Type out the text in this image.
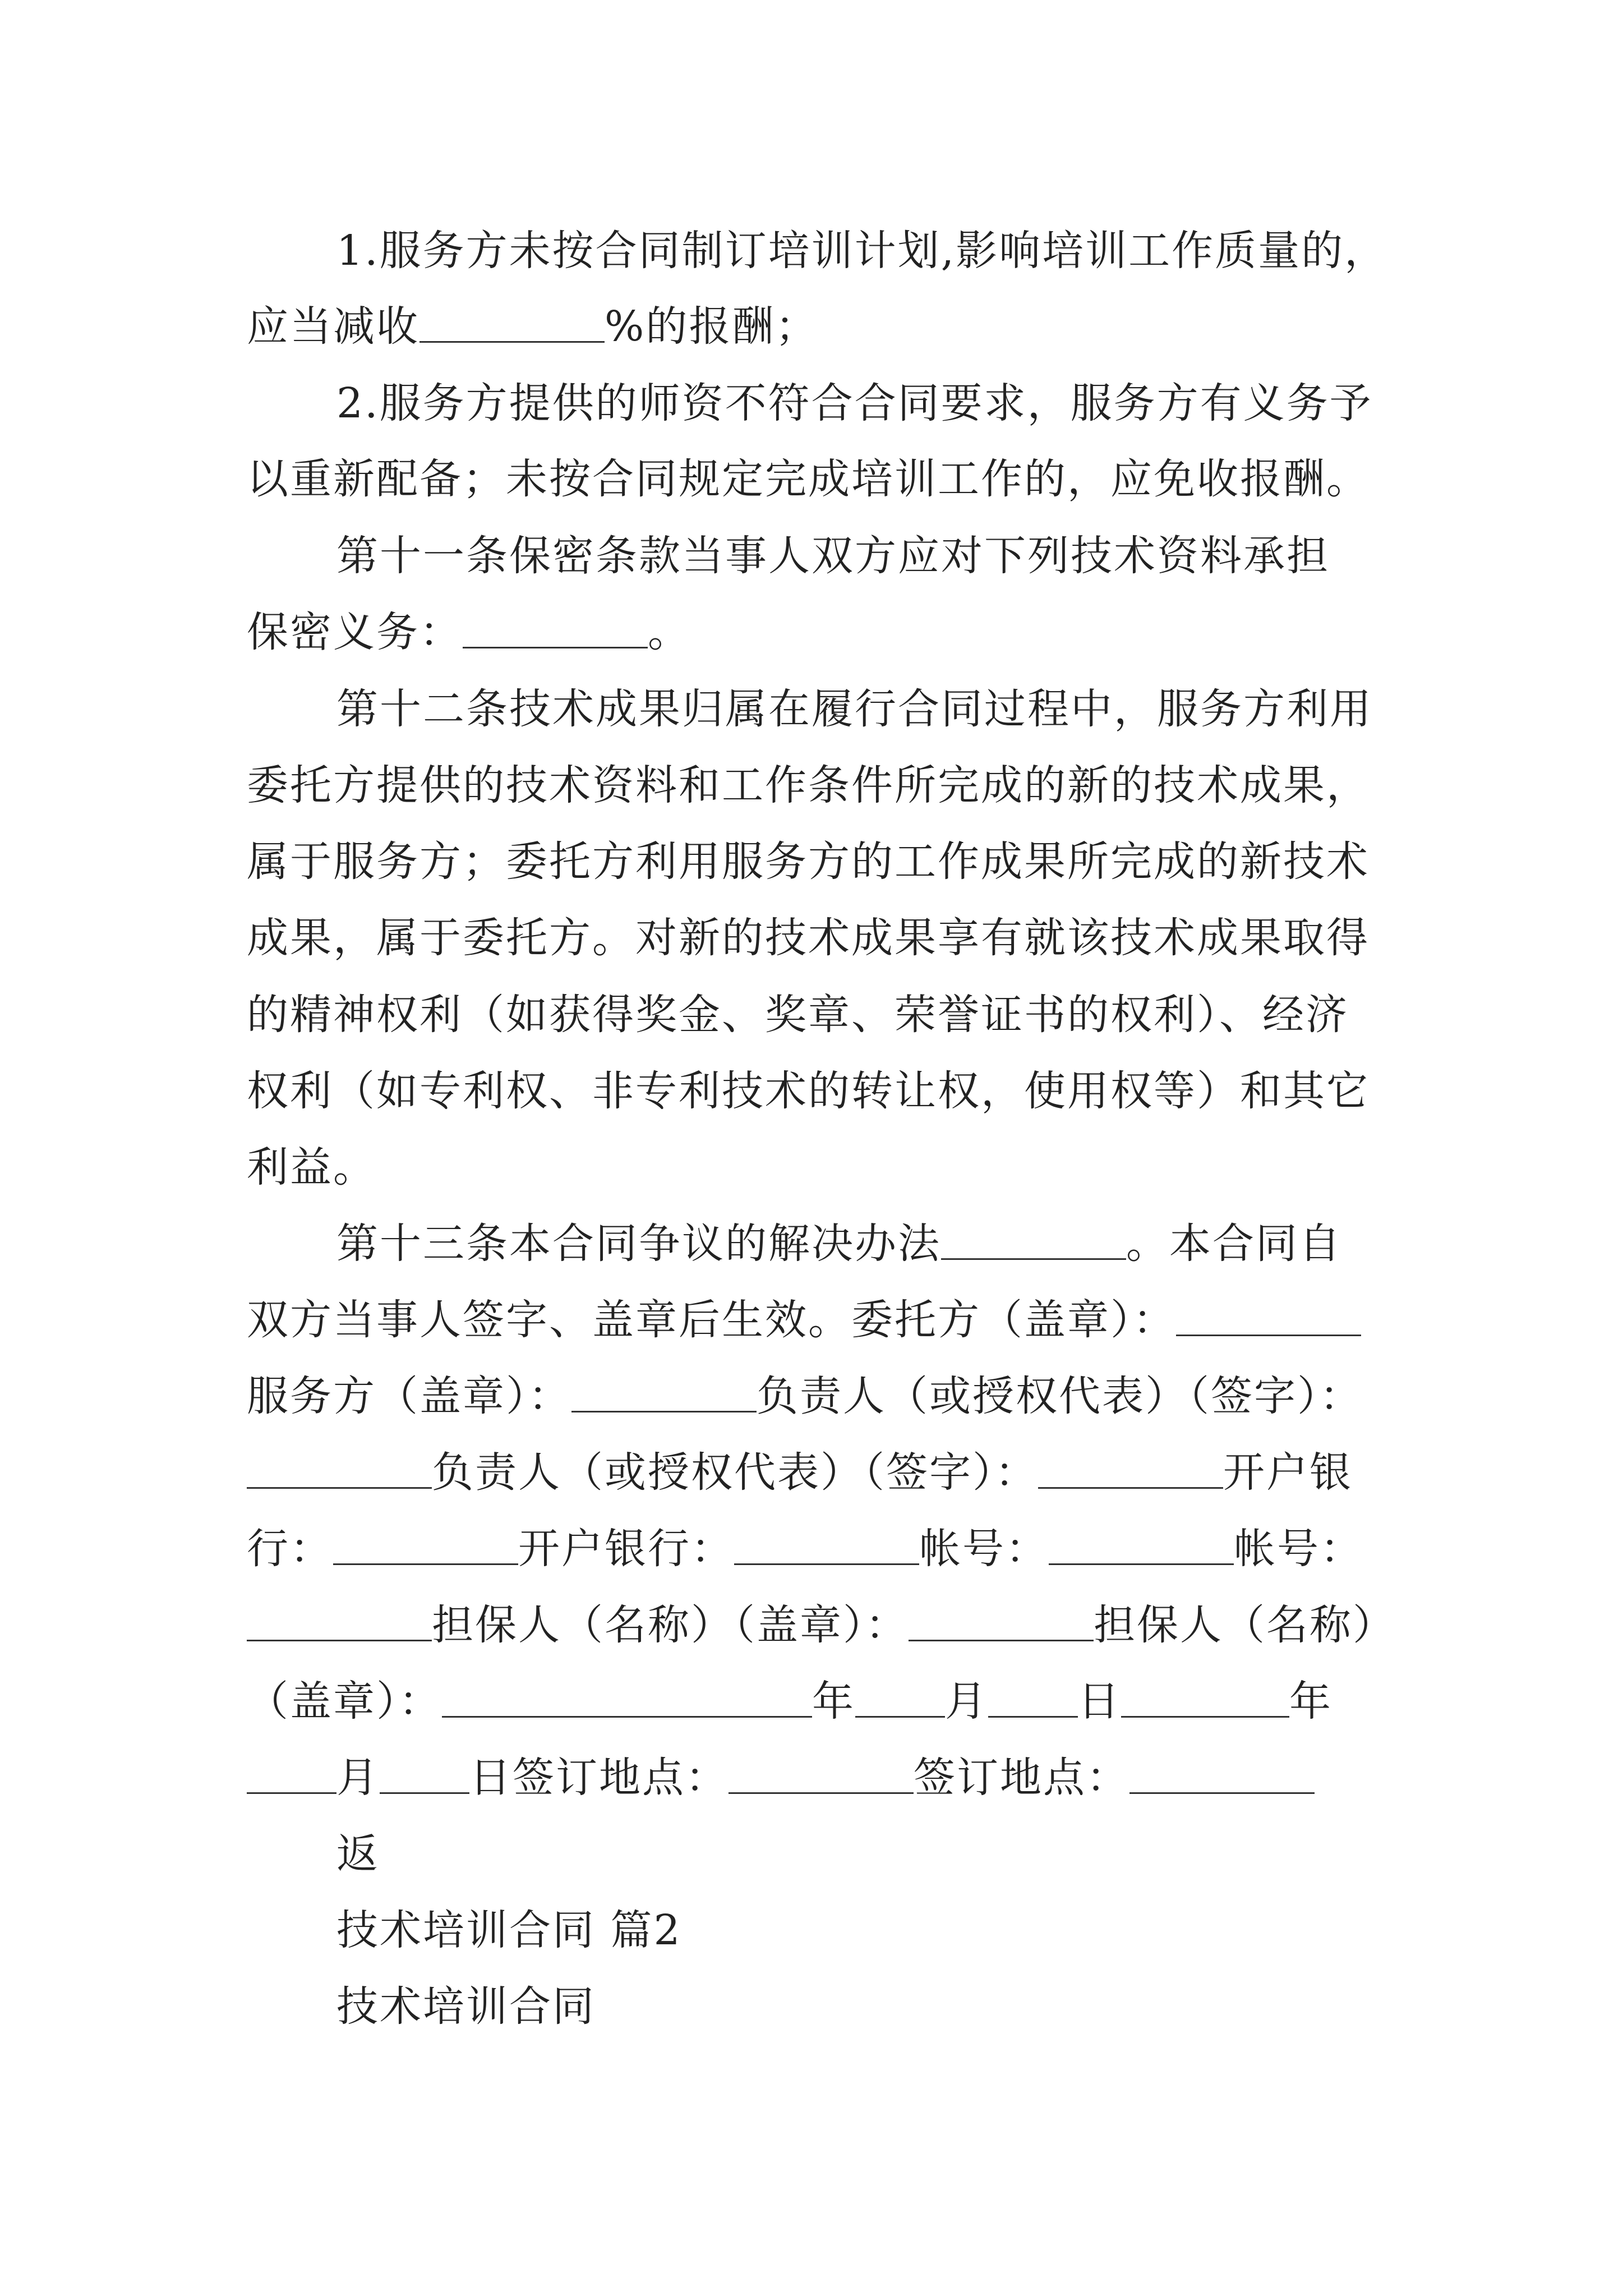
1.服务方未按合同制订培训计划,影响培训工作质量的，
应当减收	%的报酬；
2.服务方提供的师资不符合合同要求，服务方有义务予
以重新配备；未按合同规定完成培训工作的，应免收报酬。
第十一条保密条款当事人双方应对下列技术资料承担
保密义务：	。
第十二条技术成果归属在履行合同过程中，服务方利用
委托方提供的技术资料和工作条件所完成的新的技术成果，
属于服务方；委托方利用服务方的工作成果所完成的新技术
成果，属于委托方。对新的技术成果享有就该技术成果取得
的精神权利（如获得奖金、奖章、荣誉证书的权利）、经济
权利（如专利权、非专利技术的转让权，使用权等）和其它
利益。
第十三条本合同争议的解决办法	。本合同自
双方当事人签字、盖章后生效。委托方（盖章）：
服务方（盖章）：	负责人（或授权代表）（签字）：
负责人（或授权代表）（签字）：	开户银
行：	开户银行：	帐号：	帐号：
担保人（名称）（盖章）：	担保人（名称）
（盖章）：	年 月 日	年
月 日签订地点：	签订地点：
返
技术培训合同 篇2
技术培训合同
